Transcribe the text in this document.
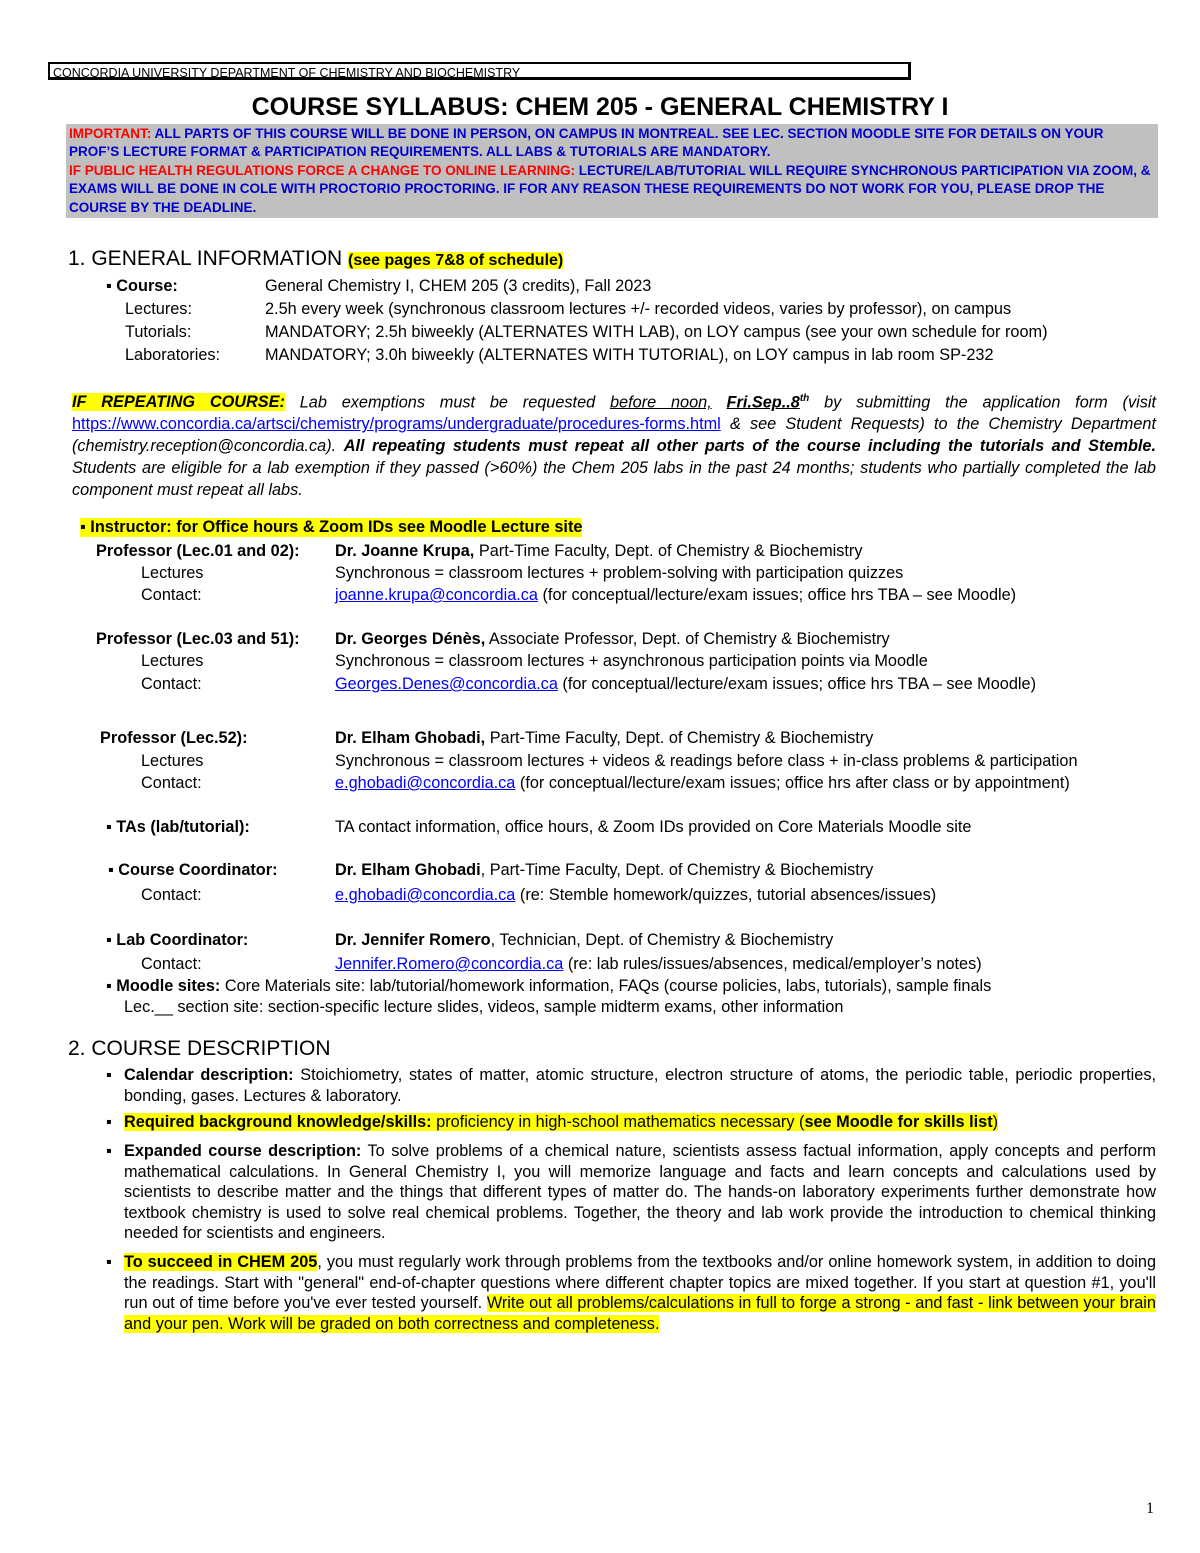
CONCORDIA UNIVERSITY DEPARTMENT OF CHEMISTRY AND BIOCHEMISTRY
COURSE SYLLABUS: CHEM 205 - GENERAL CHEMISTRY I
IMPORTANT: ALL PARTS OF THIS COURSE WILL BE DONE IN PERSON, ON CAMPUS IN MONTREAL. SEE LEC. SECTION MOODLE SITE FOR DETAILS ON YOUR PROF’S LECTURE FORMAT & PARTICIPATION REQUIREMENTS. ALL LABS & TUTORIALS ARE MANDATORY.
IF PUBLIC HEALTH REGULATIONS FORCE A CHANGE TO ONLINE LEARNING: LECTURE/LAB/TUTORIAL WILL REQUIRE SYNCHRONOUS PARTICIPATION VIA ZOOM, & EXAMS WILL BE DONE IN COLE WITH PROCTORIO PROCTORING. IF FOR ANY REASON THESE REQUIREMENTS DO NOT WORK FOR YOU, PLEASE DROP THE COURSE BY THE DEADLINE.
1. GENERAL INFORMATION (see pages 7&8 of schedule)
▪ Course:	General Chemistry I, CHEM 205 (3 credits), Fall 2023
Lectures:	2.5h every week (synchronous classroom lectures +/- recorded videos, varies by professor), on campus
Tutorials:	MANDATORY; 2.5h biweekly (ALTERNATES WITH LAB), on LOY campus (see your own schedule for room)
Laboratories:	MANDATORY; 3.0h biweekly (ALTERNATES WITH TUTORIAL), on LOY campus in lab room SP-232
IF REPEATING COURSE: Lab exemptions must be requested before noon, Fri.Sep..8th by submitting the application form (visit https://www.concordia.ca/artsci/chemistry/programs/undergraduate/procedures-forms.html & see Student Requests) to the Chemistry Department (chemistry.reception@concordia.ca). All repeating students must repeat all other parts of the course including the tutorials and Stemble. Students are eligible for a lab exemption if they passed (>60%) the Chem 205 labs in the past 24 months; students who partially completed the lab component must repeat all labs.
▪ Instructor: for Office hours & Zoom IDs see Moodle Lecture site
Professor (Lec.01 and 02): Dr. Joanne Krupa, Part-Time Faculty, Dept. of Chemistry & Biochemistry
Lectures	Synchronous = classroom lectures + problem-solving with participation quizzes
Contact:	joanne.krupa@concordia.ca (for conceptual/lecture/exam issues; office hrs TBA – see Moodle)
Professor (Lec.03 and 51): Dr. Georges Dénès, Associate Professor, Dept. of Chemistry & Biochemistry
Lectures	Synchronous = classroom lectures + asynchronous participation points via Moodle
Contact:	Georges.Denes@concordia.ca (for conceptual/lecture/exam issues; office hrs TBA – see Moodle)
Professor (Lec.52):	Dr. Elham Ghobadi, Part-Time Faculty, Dept. of Chemistry & Biochemistry
Lectures	Synchronous = classroom lectures + videos & readings before class + in-class problems & participation
Contact:	e.ghobadi@concordia.ca (for conceptual/lecture/exam issues; office hrs after class or by appointment)
▪ TAs (lab/tutorial):	TA contact information, office hours, & Zoom IDs provided on Core Materials Moodle site
▪ Course Coordinator:	Dr. Elham Ghobadi, Part-Time Faculty, Dept. of Chemistry & Biochemistry
Contact:	e.ghobadi@concordia.ca (re: Stemble homework/quizzes, tutorial absences/issues)
▪ Lab Coordinator:	Dr. Jennifer Romero, Technician, Dept. of Chemistry & Biochemistry
Contact:	Jennifer.Romero@concordia.ca (re: lab rules/issues/absences, medical/employer’s notes)
▪ Moodle sites: Core Materials site: lab/tutorial/homework information, FAQs (course policies, labs, tutorials), sample finals
Lec.__ section site: section-specific lecture slides, videos, sample midterm exams, other information
2. COURSE DESCRIPTION
▪ Calendar description: Stoichiometry, states of matter, atomic structure, electron structure of atoms, the periodic table, periodic properties, bonding, gases. Lectures & laboratory.
▪ Required background knowledge/skills: proficiency in high-school mathematics necessary (see Moodle for skills list)
▪ Expanded course description: To solve problems of a chemical nature, scientists assess factual information, apply concepts and perform mathematical calculations. In General Chemistry I, you will memorize language and facts and learn concepts and calculations used by scientists to describe matter and the things that different types of matter do. The hands-on laboratory experiments further demonstrate how textbook chemistry is used to solve real chemical problems. Together, the theory and lab work provide the introduction to chemical thinking needed for scientists and engineers.
▪ To succeed in CHEM 205, you must regularly work through problems from the textbooks and/or online homework system, in addition to doing the readings. Start with "general" end-of-chapter questions where different chapter topics are mixed together. If you start at question #1, you'll run out of time before you've ever tested yourself. Write out all problems/calculations in full to forge a strong - and fast - link between your brain and your pen. Work will be graded on both correctness and completeness.
1
